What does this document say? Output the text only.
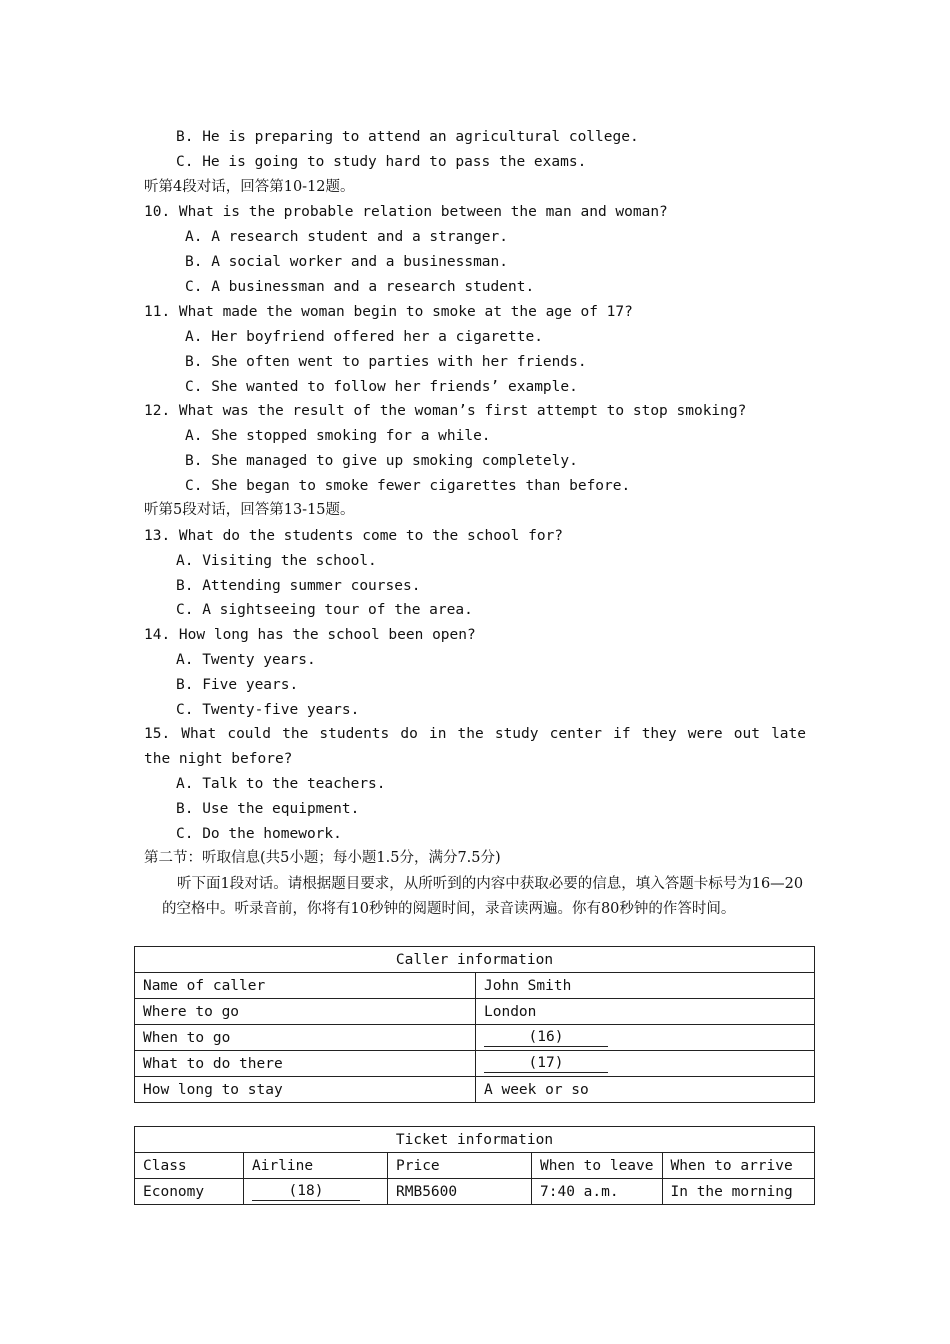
B. He is preparing to attend an agricultural college.
C. He is going to study hard to pass the exams.
听第4段对话，回答第10-12题。
10. What is the probable relation between the man and woman?
A. A research student and a stranger.
B. A social worker and a businessman.
C. A businessman and a research student.
11. What made the woman begin to smoke at the age of 17?
A. Her boyfriend offered her a cigarette.
B. She often went to parties with her friends.
C. She wanted to follow her friends’ example.
12. What was the result of the woman’s first attempt to stop smoking?
A. She stopped smoking for a while.
B. She managed to give up smoking completely.
C. She began to smoke fewer cigarettes than before.
听第5段对话，回答第13-15题。
13. What do the students come to the school for?
A. Visiting the school.
B. Attending summer courses.
C. A sightseeing tour of the area.
14. How long has the school been open?
A. Twenty years.
B. Five years.
C. Twenty-five years.
15. What could the students do in the study center if they were out late the night before?
A. Talk to the teachers.
B. Use the equipment.
C. Do the homework.
第二节：听取信息(共5小题；每小题1.5分，满分7.5分)
听下面1段对话。请根据题目要求，从所听到的内容中获取必要的信息，填入答题卡标号为16—20的空格中。听录音前，你将有10秒钟的阅题时间，录音读两遍。你有80秒钟的作答时间。
Caller information	
Name of caller	John Smith
Where to go	London
When to go	(16)
What to do there	(17)
How long to stay	A week or so
Ticket information				
Class	Airline	Price	When to leave	When to arrive
Economy	(18)	RMB5600	7:40 a.m.	In the morning
